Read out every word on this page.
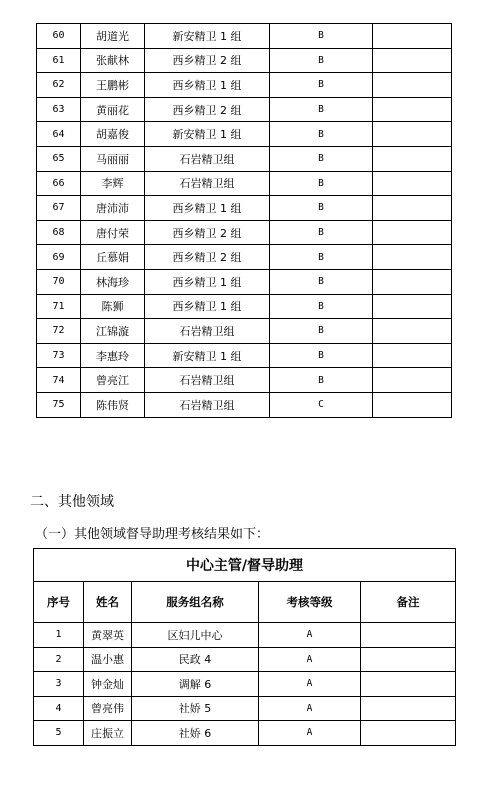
60	胡道光	新安精卫 1 组	B	
61	张献林	西乡精卫 2 组	B	
62	王鹏彬	西乡精卫 1 组	B	
63	黄丽花	西乡精卫 2 组	B	
64	胡嘉俊	新安精卫 1 组	B	
65	马丽丽	石岩精卫组	B	
66	李辉	石岩精卫组	B	
67	唐沛沛	西乡精卫 1 组	B	
68	唐付荣	西乡精卫 2 组	B	
69	丘慕娟	西乡精卫 2 组	B	
70	林海珍	西乡精卫 1 组	B	
71	陈狮	西乡精卫 1 组	B	
72	江锦漩	石岩精卫组	B	
73	李惠玲	新安精卫 1 组	B	
74	曾亮江	石岩精卫组	B	
75	陈伟贤	石岩精卫组	C	
二、其他领域
（一）其他领域督导助理考核结果如下：
中心主管/督导助理				
序号	姓名	服务组名称	考核等级	备注
1	黄翠英	区妇儿中心	A	
2	温小惠	民政 4	A	
3	钟金灿	调解 6	A	
4	曾亮伟	社娇 5	A	
5	庄振立	社娇 6	A	
